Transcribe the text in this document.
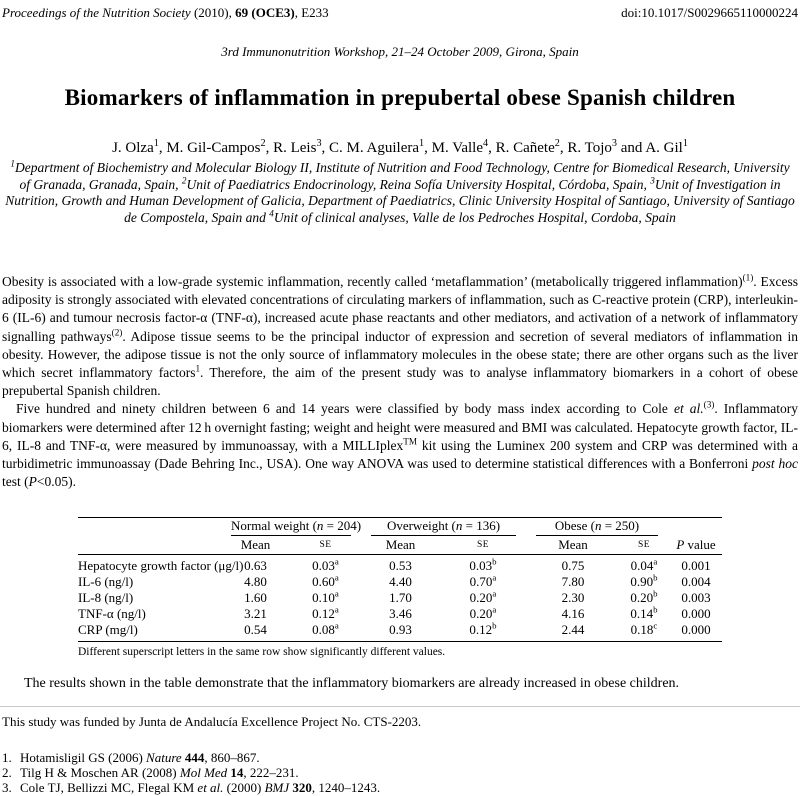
Proceedings of the Nutrition Society (2010), 69 (OCE3), E233	doi:10.1017/S0029665110000224
3rd Immunonutrition Workshop, 21–24 October 2009, Girona, Spain
Biomarkers of inflammation in prepubertal obese Spanish children
J. Olza$^1$, M. Gil-Campos$^2$, R. Leis$^3$, C. M. Aguilera$^1$, M. Valle$^4$, R. Cañete$^2$, R. Tojo$^3$ and A. Gil$^1$
$^1$Department of Biochemistry and Molecular Biology II, Institute of Nutrition and Food Technology, Centre for Biomedical Research, University of Granada, Granada, Spain, $^2$Unit of Paediatrics Endocrinology, Reina Sofía University Hospital, Córdoba, Spain, $^3$Unit of Investigation in Nutrition, Growth and Human Development of Galicia, Department of Paediatrics, Clinic University Hospital of Santiago, University of Santiago de Compostela, Spain and $^4$Unit of clinical analyses, Valle de los Pedroches Hospital, Cordoba, Spain

Obesity is associated with a low-grade systemic inflammation, recently called ‘metaflammation’ (metabolically triggered inflammation)$^{(1)}$. Excess adiposity is strongly associated with elevated concentrations of circulating markers of inflammation, such as C-reactive protein (CRP), interleukin-6 (IL-6) and tumour necrosis factor-α (TNF-α), increased acute phase reactants and other mediators, and activation of a network of inflammatory signalling pathways$^{(2)}$. Adipose tissue seems to be the principal inductor of expression and secretion of several mediators of inflammation in obesity. However, the adipose tissue is not the only source of inflammatory molecules in the obese state; there are other organs such as the liver which secret inflammatory factors$^1$. Therefore, the aim of the present study was to analyse inflammatory biomarkers in a cohort of obese prepubertal Spanish children.

Five hundred and ninety children between 6 and 14 years were classified by body mass index according to Cole et al.$^{(3)}$. Inflammatory biomarkers were determined after 12 h overnight fasting; weight and height were measured and BMI was calculated. Hepatocyte growth factor, IL-6, IL-8 and TNF-α, were measured by immunoassay, with a MILLIplex™ kit using the Luminex 200 system and CRP was determined with a turbidimetric immunoassay (Dade Behring Inc., USA). One way ANOVA was used to determine statistical differences with a Bonferroni post hoc test (P<0.05).

	Normal weight (n = 204)		Overweight (n = 136)		Obese (n = 250)		

	Mean	SE	Mean	SE	Mean	SE	P value
Hepatocyte growth factor (μg/l)	0.63	0.03$^a$	0.53	0.03$^b$	0.75	0.04$^a$	0.001
IL-6 (ng/l)	4.80	0.60$^a$	4.40	0.70$^a$	7.80	0.90$^b$	0.004
IL-8 (ng/l)	1.60	0.10$^a$	1.70	0.20$^a$	2.30	0.20$^b$	0.003
TNF-α (ng/l)	3.21	0.12$^a$	3.46	0.20$^a$	4.16	0.14$^b$	0.000
CRP (mg/l)	0.54	0.08$^a$	0.93	0.12$^b$	2.44	0.18$^c$	0.000
Different superscript letters in the same row show significantly different values.

The results shown in the table demonstrate that the inflammatory biomarkers are already increased in obese children.

This study was funded by Junta de Andalucía Excellence Project No. CTS-2203.

1. Hotamisligil GS (2006) Nature 444, 860–867.
2. Tilg H & Moschen AR (2008) Mol Med 14, 222–231.
3. Cole TJ, Bellizzi MC, Flegal KM et al. (2000) BMJ 320, 1240–1243.
